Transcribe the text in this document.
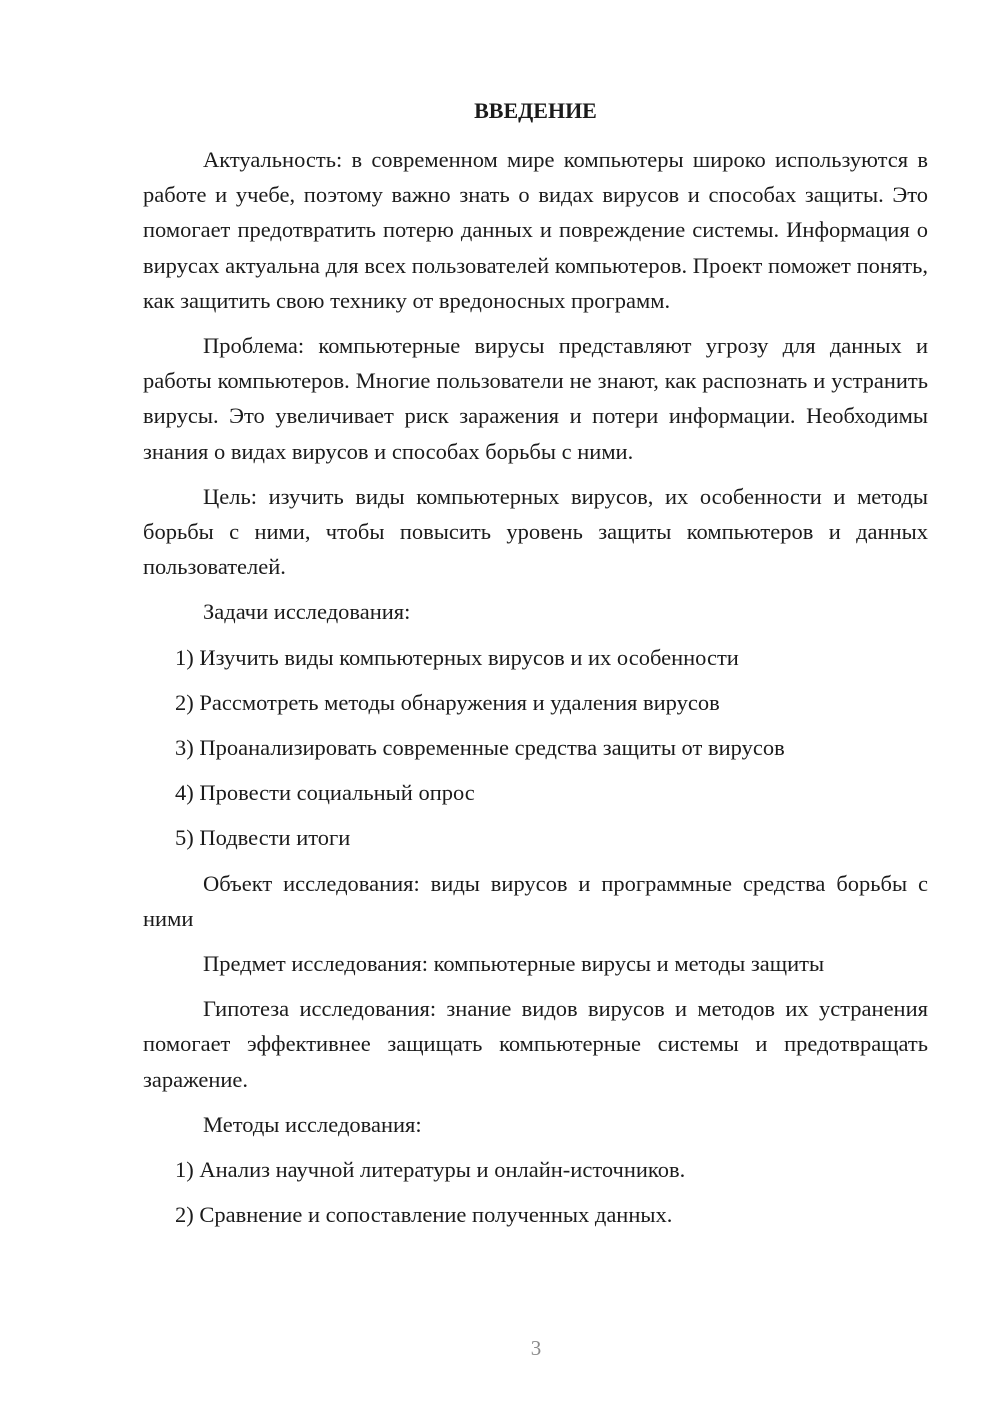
ВВЕДЕНИЕ

Актуальность: в современном мире компьютеры широко используются в работе и учебе, поэтому важно знать о видах вирусов и способах защиты. Это помогает предотвратить потерю данных и повреждение системы. Информация о вирусах актуальна для всех пользователей компьютеров. Проект поможет понять, как защитить свою технику от вредоносных программ.

Проблема: компьютерные вирусы представляют угрозу для данных и работы компьютеров. Многие пользователи не знают, как распознать и устранить вирусы. Это увеличивает риск заражения и потери информации. Необходимы знания о видах вирусов и способах борьбы с ними.

Цель: изучить виды компьютерных вирусов, их особенности и методы борьбы с ними, чтобы повысить уровень защиты компьютеров и данных пользователей.

Задачи исследования:

1) Изучить виды компьютерных вирусов и их особенности
2) Рассмотреть методы обнаружения и удаления вирусов
3) Проанализировать современные средства защиты от вирусов
4) Провести социальный опрос
5) Подвести итоги

Объект исследования: виды вирусов и программные средства борьбы с ними

Предмет исследования: компьютерные вирусы и методы защиты

Гипотеза исследования: знание видов вирусов и методов их устранения помогает эффективнее защищать компьютерные системы и предотвращать заражение.

Методы исследования:

1) Анализ научной литературы и онлайн-источников.
2) Сравнение и сопоставление полученных данных.
3
